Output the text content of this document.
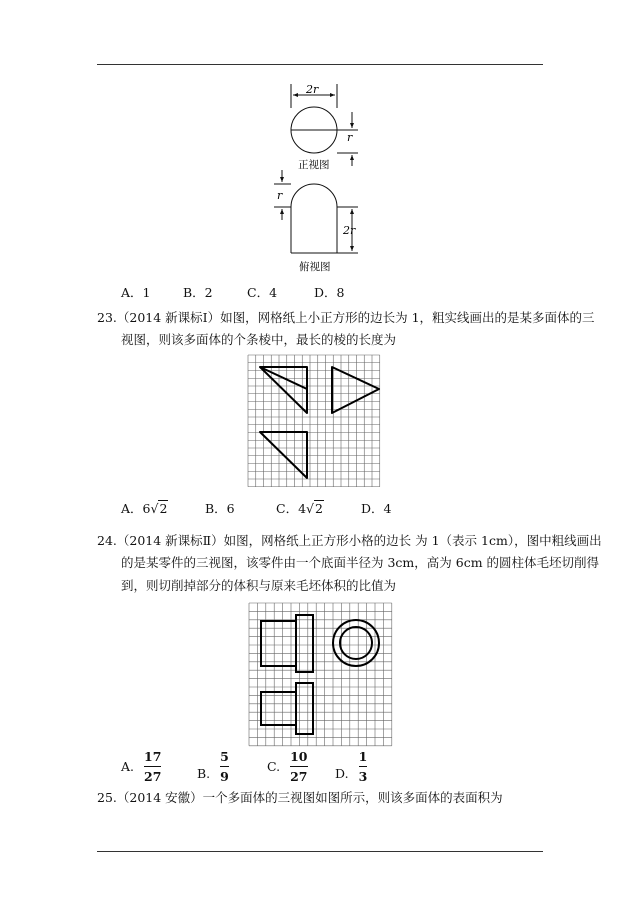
2r
r
正视图
r
2r
俯视图
A．1	B．2	C．4	D．8
23.（2014 新课标Ⅰ）如图，网格纸上小正方形的边长为 1，粗实线画出的是某多面体的三
视图，则该多面体的个条棱中，最长的棱的长度为
A． 6 √ 2	B．6	C． 4 √ 2	D．4
24.（2014 新课标Ⅱ）如图，网格纸上正方形小格的边长 为 1（表示 1cm），图中粗线画出
的是某零件的三视图，该零件由一个底面半径为 3cm，高为 6cm 的圆柱体毛坯切削得
到，则切削掉部分的体积与原来毛坯体积的比值为
A. $\frac{17}{27}$	B. $\frac{5}{9}$	C. $\frac{10}{27} D$. $\frac{1}{3}$
25.（2014 安徽）一个多面体的三视图如图所示，则该多面体的表面积为
